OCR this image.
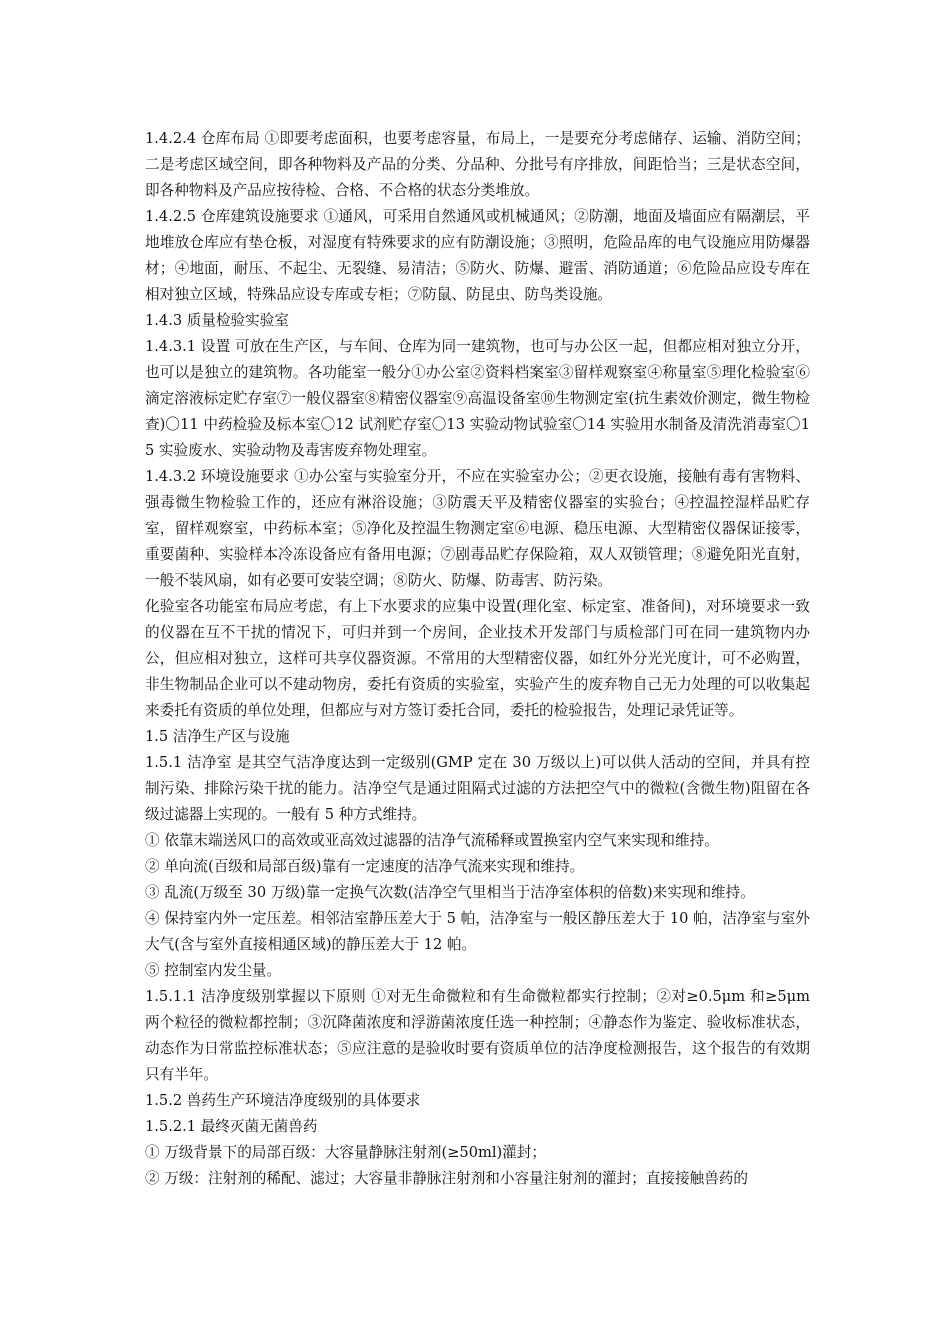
1.4.2.4 仓库布局 ①即要考虑面积，也要考虑容量，布局上，一是要充分考虑储存、运输、消防空间；二是考虑区域空间，即各种物料及产品的分类、分品种、分批号有序排放，间距恰当；三是状态空间，即各种物料及产品应按待检、合格、不合格的状态分类堆放。

1.4.2.5 仓库建筑设施要求 ①通风，可采用自然通风或机械通风；②防潮，地面及墙面应有隔潮层，平地堆放仓库应有垫仓板，对湿度有特殊要求的应有防潮设施；③照明，危险品库的电气设施应用防爆器材；④地面，耐压、不起尘、无裂缝、易清洁；⑤防火、防爆、避雷、消防通道；⑥危险品应设专库在相对独立区域，特殊品应设专库或专柜；⑦防鼠、防昆虫、防鸟类设施。

1.4.3 质量检验实验室

1.4.3.1 设置 可放在生产区，与车间、仓库为同一建筑物，也可与办公区一起，但都应相对独立分开，也可以是独立的建筑物。各功能室一般分①办公室②资料档案室③留样观察室④称量室⑤理化检验室⑥滴定溶液标定贮存室⑦一般仪器室⑧精密仪器室⑨高温设备室⑩生物测定室(抗生素效价测定，微生物检查)〇11 中药检验及标本室〇12 试剂贮存室〇13 实验动物试验室〇14 实验用水制备及清洗消毒室〇15 实验废水、实验动物及毒害废弃物处理室。

1.4.3.2 环境设施要求 ①办公室与实验室分开，不应在实验室办公；②更衣设施，接触有毒有害物料、强毒微生物检验工作的，还应有淋浴设施；③防震天平及精密仪器室的实验台；④控温控湿样品贮存室，留样观察室，中药标本室；⑤净化及控温生物测定室⑥电源、稳压电源、大型精密仪器保证接零，重要菌种、实验样本冷冻设备应有备用电源；⑦剧毒品贮存保险箱，双人双锁管理；⑧避免阳光直射，一般不装风扇，如有必要可安装空调；⑧防火、防爆、防毒害、防污染。

化验室各功能室布局应考虑，有上下水要求的应集中设置(理化室、标定室、准备间)，对环境要求一致的仪器在互不干扰的情况下，可归并到一个房间，企业技术开发部门与质检部门可在同一建筑物内办公，但应相对独立，这样可共享仪器资源。不常用的大型精密仪器，如红外分光光度计，可不必购置，非生物制品企业可以不建动物房，委托有资质的实验室，实验产生的废弃物自己无力处理的可以收集起来委托有资质的单位处理，但都应与对方签订委托合同，委托的检验报告，处理记录凭证等。

1.5 洁净生产区与设施

1.5.1 洁净室 是其空气洁净度达到一定级别(GMP 定在 30 万级以上)可以供人活动的空间，并具有控制污染、排除污染干扰的能力。洁净空气是通过阻隔式过滤的方法把空气中的微粒(含微生物)阻留在各级过滤器上实现的。一般有 5 种方式维持。

① 依靠末端送风口的高效或亚高效过滤器的洁净气流稀释或置换室内空气来实现和维持。

② 单向流(百级和局部百级)靠有一定速度的洁净气流来实现和维持。

③ 乱流(万级至 30 万级)靠一定换气次数(洁净空气里相当于洁净室体积的倍数)来实现和维持。

④ 保持室内外一定压差。相邻洁室静压差大于 5 帕，洁净室与一般区静压差大于 10 帕，洁净室与室外大气(含与室外直接相通区域)的静压差大于 12 帕。

⑤ 控制室内发尘量。

1.5.1.1 洁净度级别掌握以下原则 ①对无生命微粒和有生命微粒都实行控制；②对≥0.5μm 和≥5μm 两个粒径的微粒都控制；③沉降菌浓度和浮游菌浓度任选一种控制；④静态作为鉴定、验收标准状态，动态作为日常监控标准状态；⑤应注意的是验收时要有资质单位的洁净度检测报告，这个报告的有效期只有半年。

1.5.2 兽药生产环境洁净度级别的具体要求

1.5.2.1 最终灭菌无菌兽药

① 万级背景下的局部百级：大容量静脉注射剂(≥50ml)灌封；

② 万级：注射剂的稀配、滤过；大容量非静脉注射剂和小容量注射剂的灌封；直接接触兽药的
